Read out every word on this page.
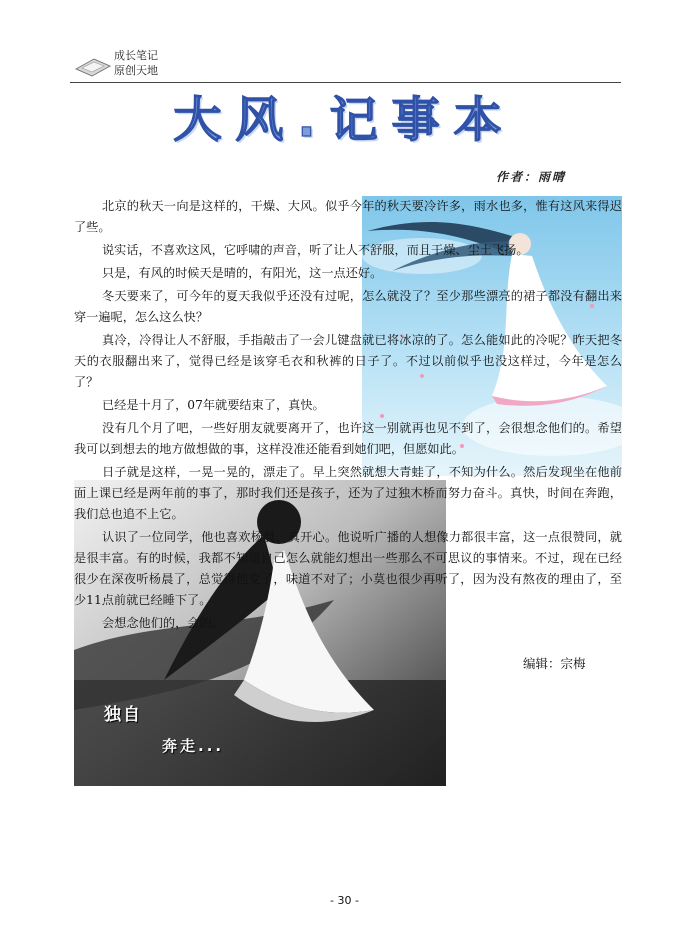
成长笔记
原创天地
大风.记事本
作者：雨晴
独自
奔走...

北京的秋天一向是这样的，干燥、大风。似乎今年的秋天要冷许多，雨水也多，惟有这风来得迟了些。

说实话，不喜欢这风，它呼啸的声音，听了让人不舒服，而且干燥、尘土飞扬。

只是，有风的时候天是晴的，有阳光，这一点还好。

冬天要来了，可今年的夏天我似乎还没有过呢，怎么就没了？至少那些漂亮的裙子都没有翻出来穿一遍呢，怎么这么快？

真冷，冷得让人不舒服，手指敲击了一会儿键盘就已将冰凉的了。怎么能如此的冷呢？昨天把冬天的衣服翻出来了，觉得已经是该穿毛衣和秋裤的日子了。不过以前似乎也没这样过，今年是怎么了？

已经是十月了，07年就要结束了，真快。

没有几个月了吧，一些好朋友就要离开了，也许这一别就再也见不到了，会很想念他们的。希望我可以到想去的地方做想做的事，这样没准还能看到她们吧，但愿如此。

日子就是这样，一晃一晃的，漂走了。早上突然就想大青蛙了，不知为什么。然后发现坐在他前面上课已经是两年前的事了，那时我们还是孩子，还为了过独木桥而努力奋斗。真快，时间在奔跑，我们总也追不上它。

认识了一位同学，他也喜欢杨晨，真开心。他说听广播的人想像力都很丰富，这一点很赞同，就是很丰富。有的时候，我都不知道自己怎么就能幻想出一些那么不可思议的事情来。不过，现在已经很少在深夜听杨晨了，总觉得他变了，味道不对了；小莫也很少再听了，因为没有熬夜的理由了，至少11点前就已经睡下了。

会想念他们的，会的。

编辑：宗梅
- 30 -
